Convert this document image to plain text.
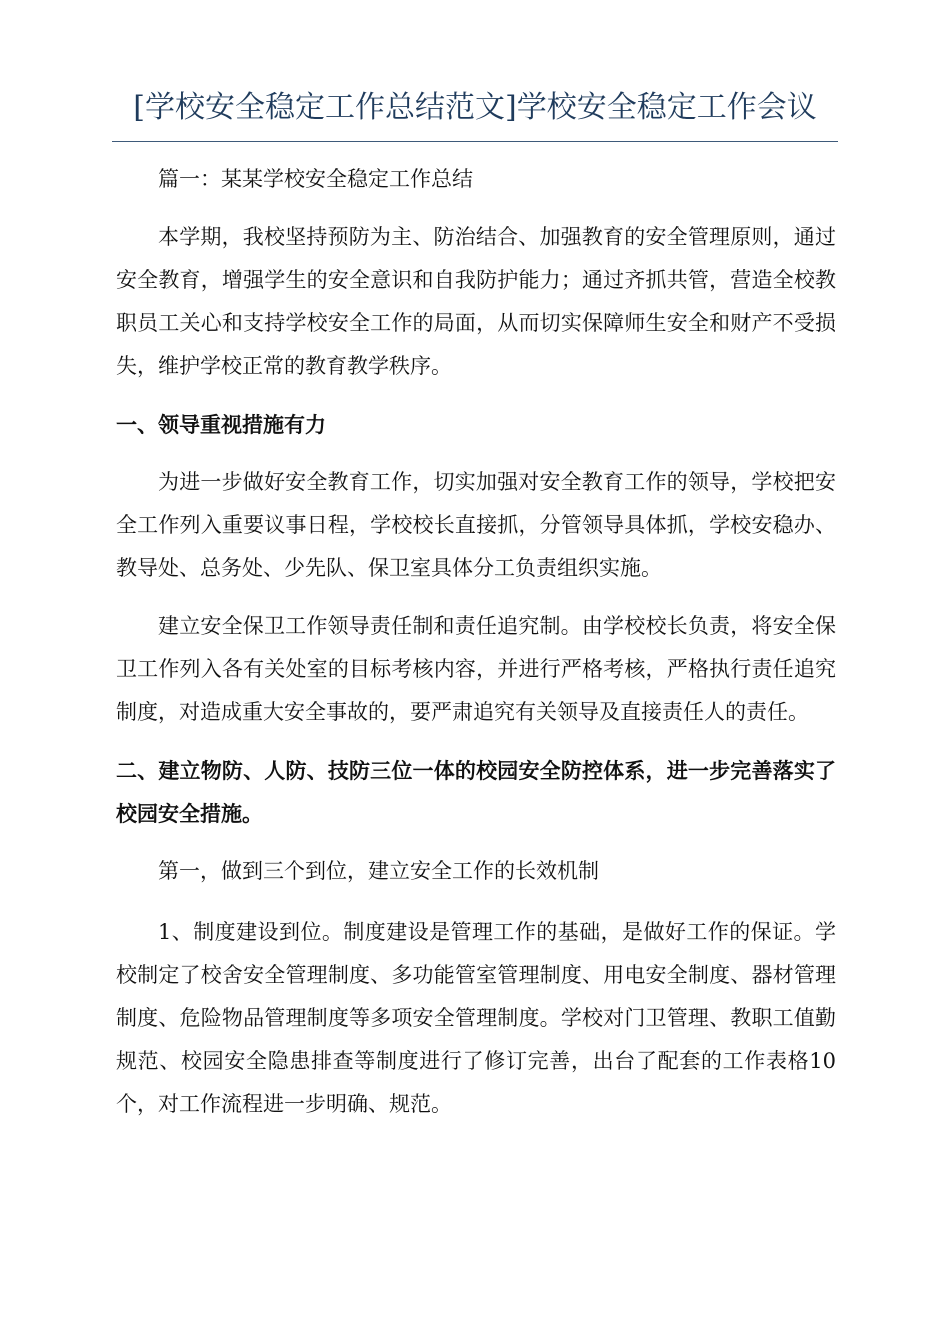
[学校安全稳定工作总结范文]学校安全稳定工作会议

篇一：某某学校安全稳定工作总结

本学期，我校坚持预防为主、防治结合、加强教育的安全管理原则，通过安全教育，增强学生的安全意识和自我防护能力；通过齐抓共管，营造全校教职员工关心和支持学校安全工作的局面，从而切实保障师生安全和财产不受损失，维护学校正常的教育教学秩序。

一、领导重视措施有力

为进一步做好安全教育工作，切实加强对安全教育工作的领导，学校把安全工作列入重要议事日程，学校校长直接抓，分管领导具体抓，学校安稳办、教导处、总务处、少先队、保卫室具体分工负责组织实施。

建立安全保卫工作领导责任制和责任追究制。由学校校长负责，将安全保卫工作列入各有关处室的目标考核内容，并进行严格考核，严格执行责任追究制度，对造成重大安全事故的，要严肃追究有关领导及直接责任人的责任。

二、建立物防、人防、技防三位一体的校园安全防控体系，进一步完善落实了校园安全措施。

第一，做到三个到位，建立安全工作的长效机制

1、制度建设到位。制度建设是管理工作的基础，是做好工作的保证。学校制定了校舍安全管理制度、多功能管室管理制度、用电安全制度、器材管理制度、危险物品管理制度等多项安全管理制度。学校对门卫管理、教职工值勤规范、校园安全隐患排查等制度进行了修订完善，出台了配套的工作表格10个，对工作流程进一步明确、规范。
